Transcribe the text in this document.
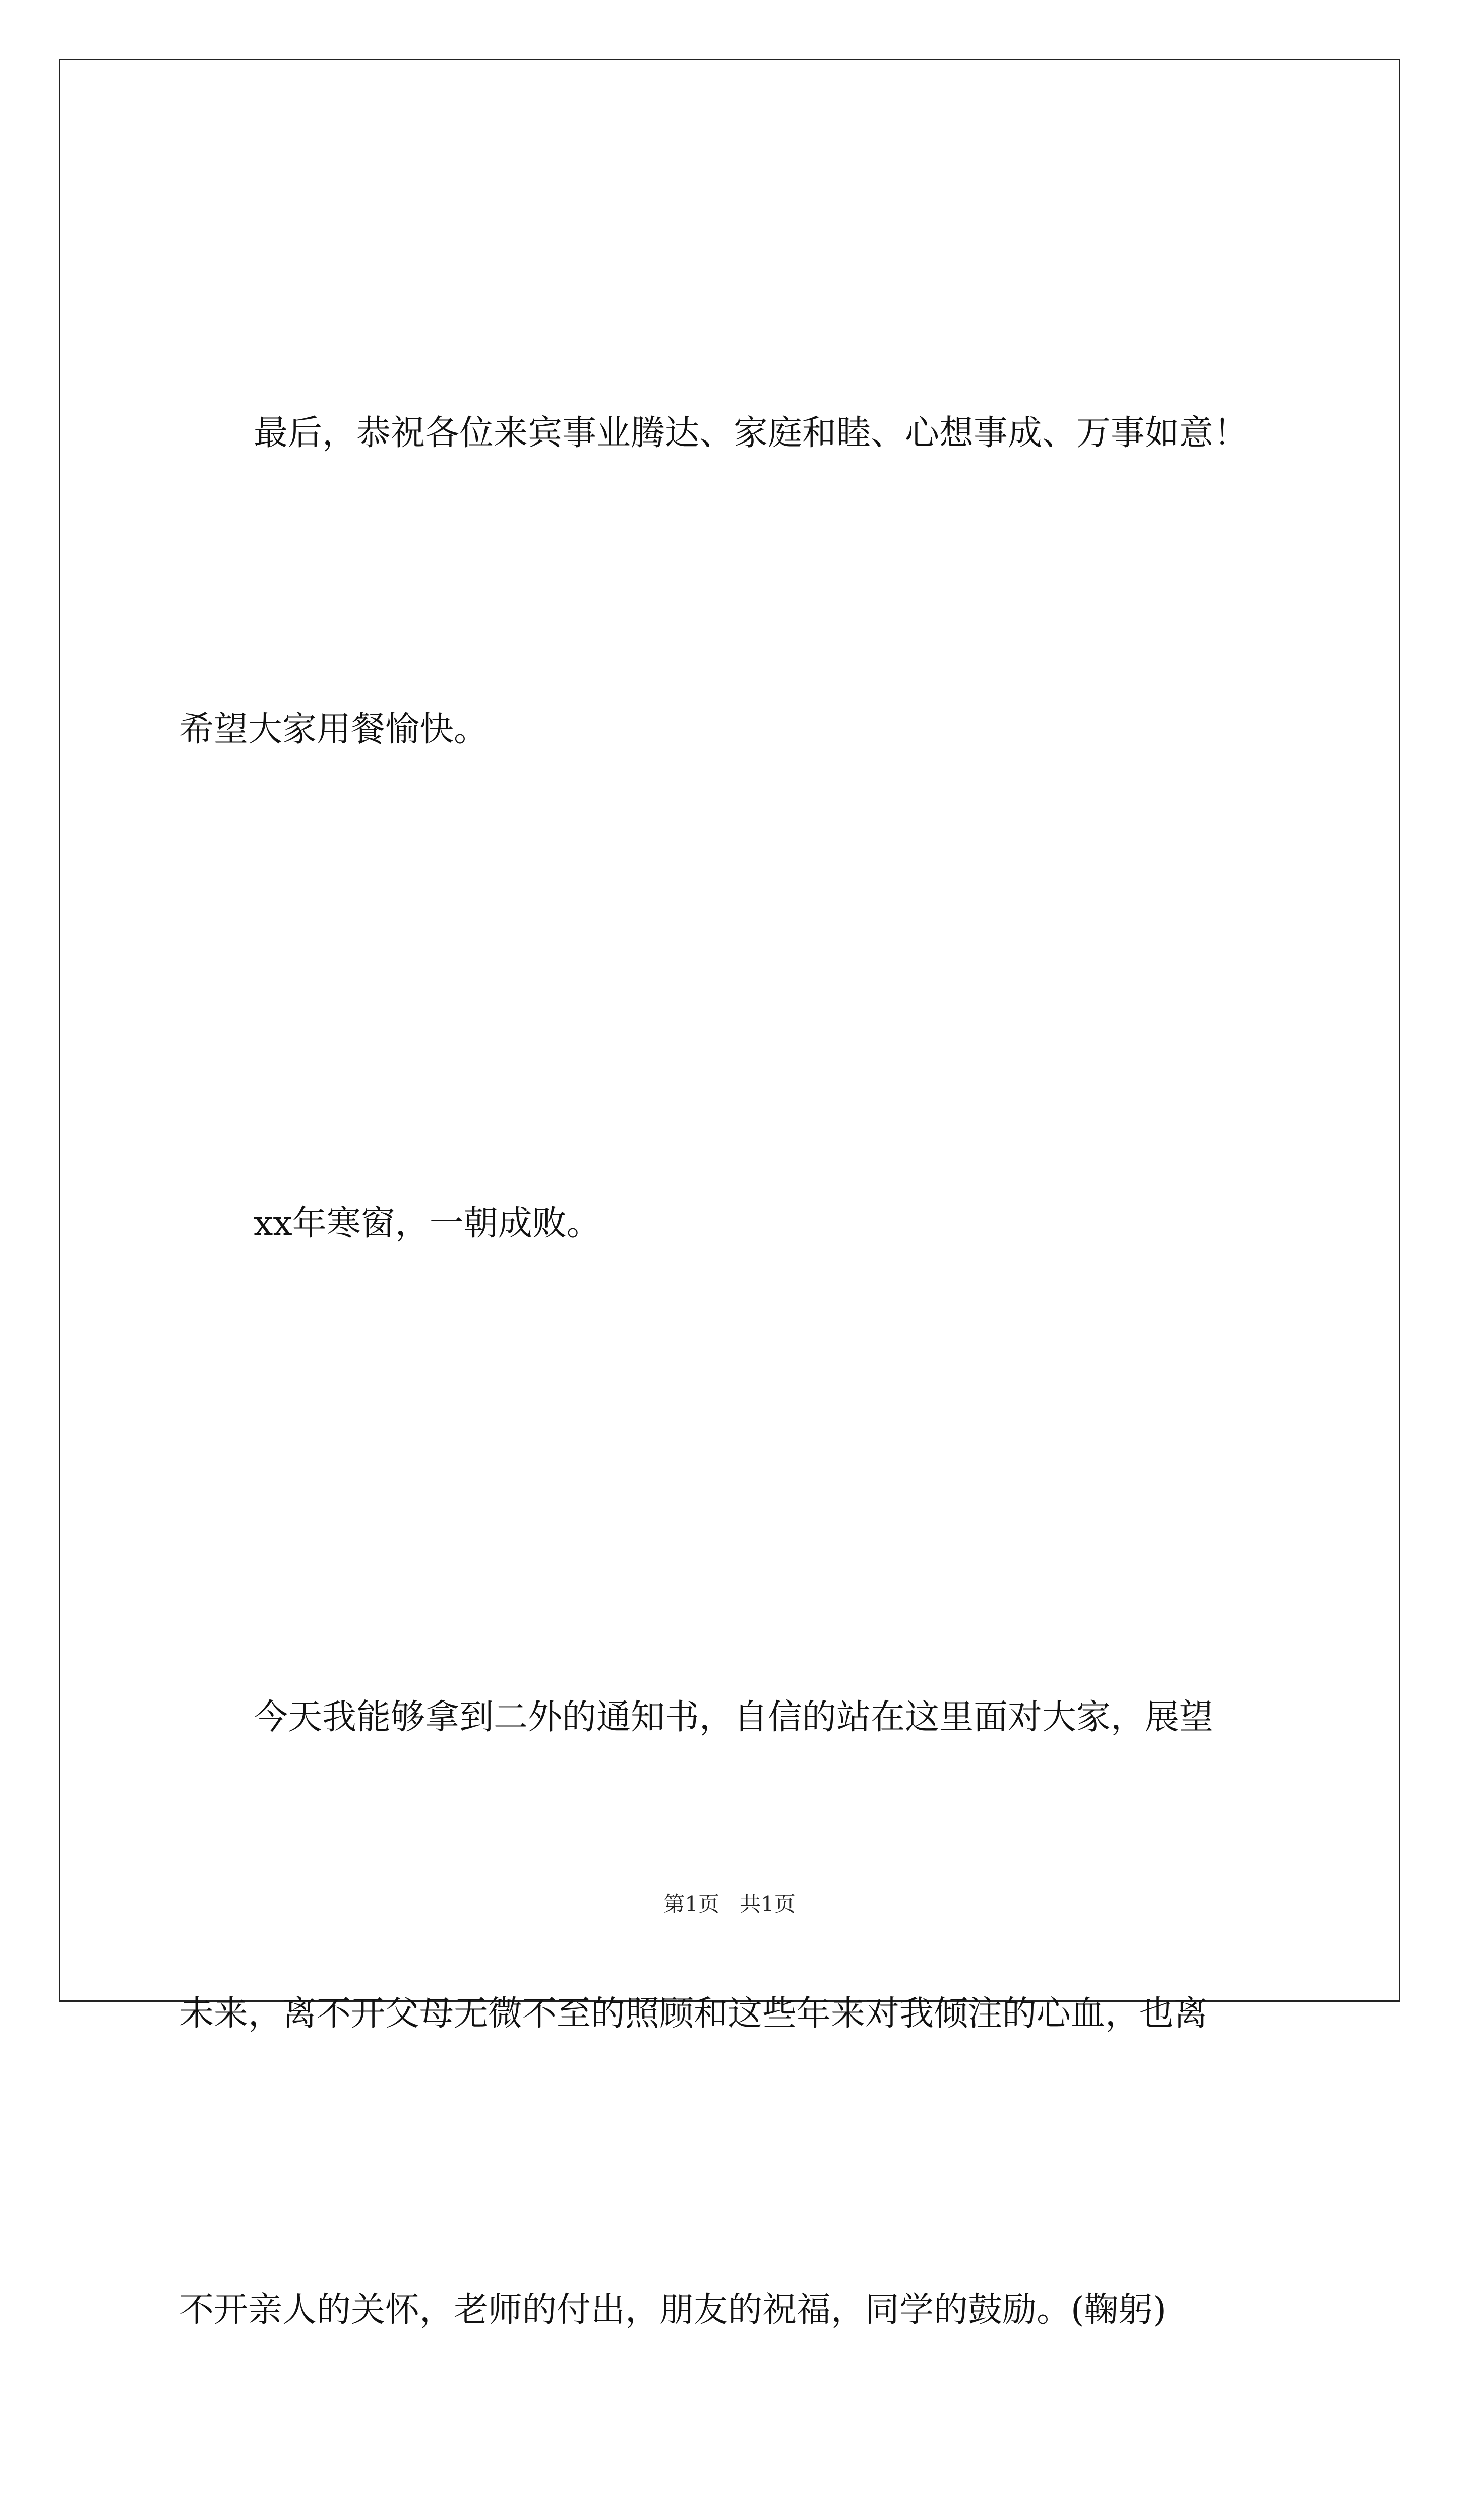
最后，恭祝各位来宾事业腾达、家庭和睦、心想事成、万事如意！

希望大家用餐愉快。

xx年寒窗，一朝成败。

今天我能够拿到二外的通知书，自信的站在这里面对大家，展望

未来，离不开父母无微不至的照顾和这些年来对我倾注的心血，也离

不开亲人的关怀，老师的付出，朋友的祝福，同学的鼓励。(鞠躬)

第1页   共1页
